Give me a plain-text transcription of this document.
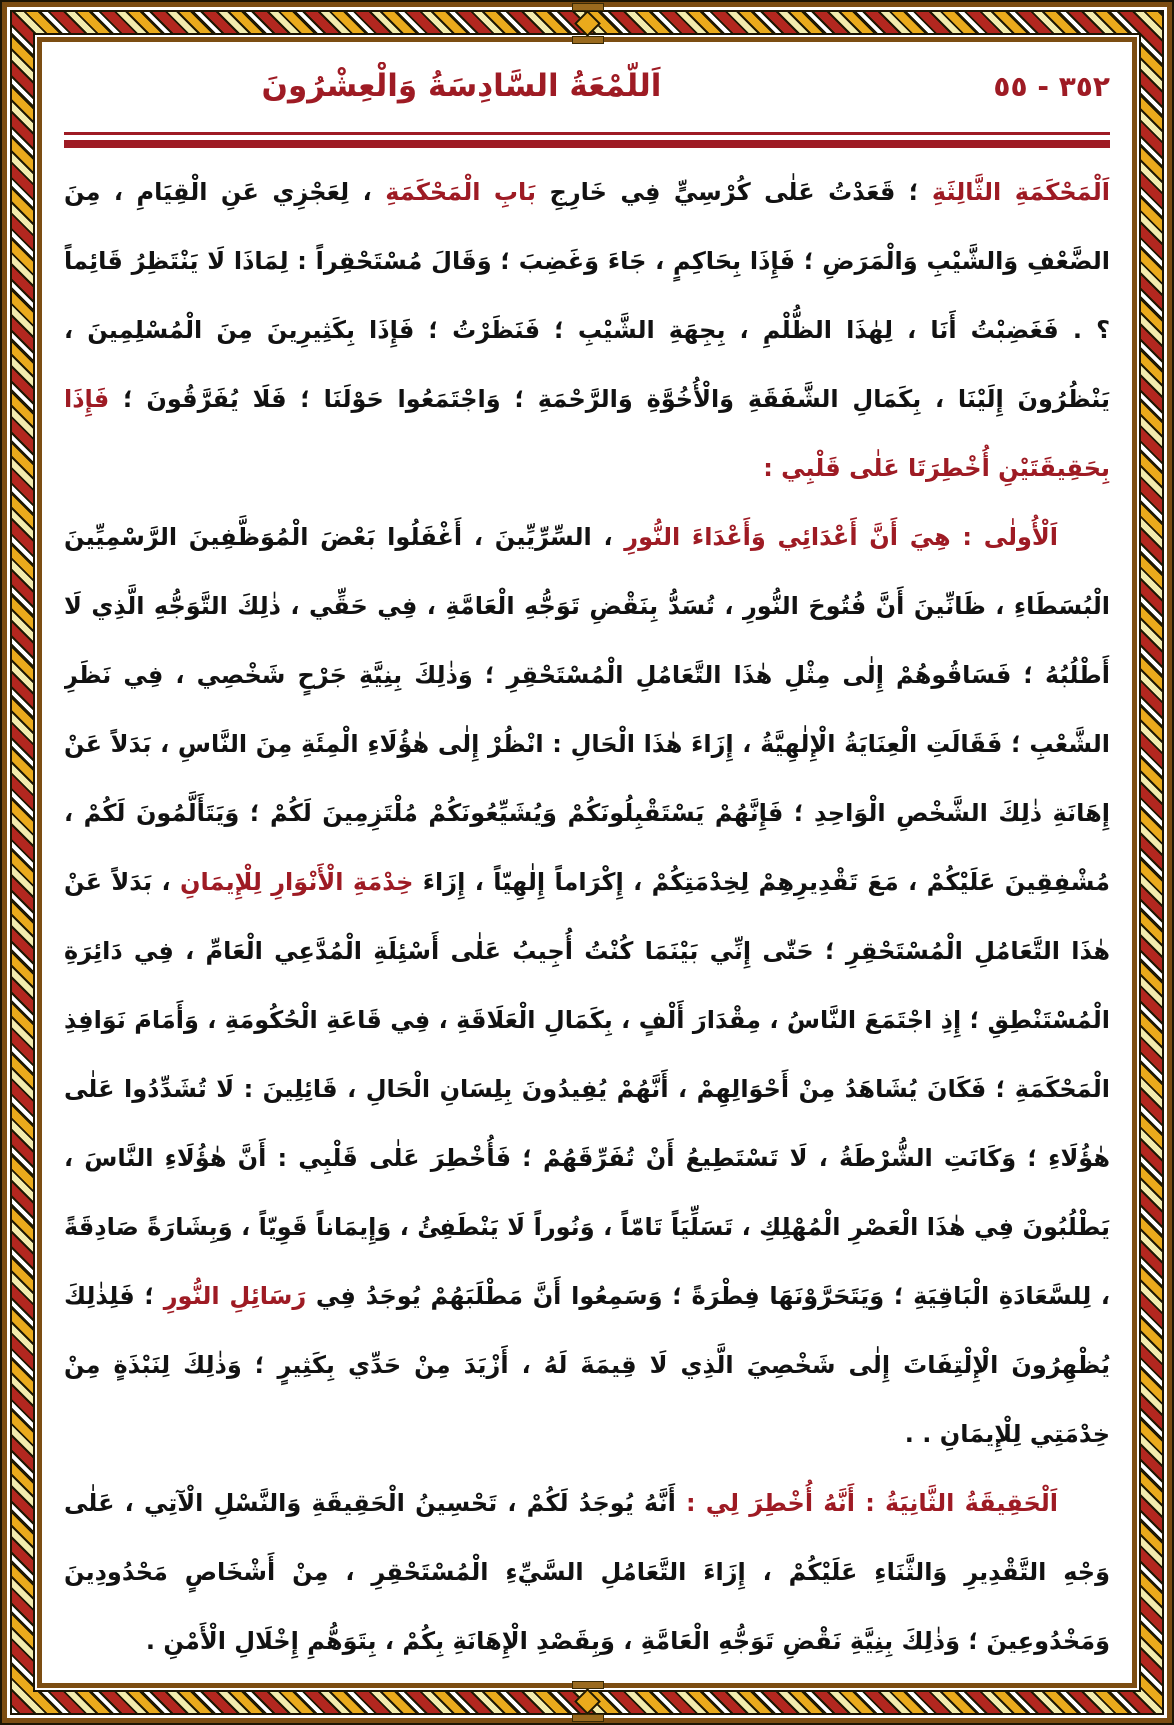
اَللَّمْعَةُ السَّادِسَةُ وَالْعِشْرُونَ	٣٥٢ - ٥٥

اَلْمَحْكَمَةِ الثَّالِثَةِ ؛ قَعَدْتُ عَلٰى كُرْسِيٍّ فِي خَارِجِ بَابِ الْمَحْكَمَةِ ، لِعَجْزِي عَنِ الْقِيَامِ ، مِنَ الضَّعْفِ وَالشَّيْبِ وَالْمَرَضِ ؛ فَإِذَا بِحَاكِمٍ ، جَاءَ وَغَضِبَ ؛ وَقَالَ مُسْتَحْقِراً : لِمَاذَا لَا يَنْتَظِرُ قَائِماً ؟ . فَغَضِبْتُ أَنَا ، لِهٰذَا الظُّلْمِ ، بِجِهَةِ الشَّيْبِ ؛ فَنَظَرْتُ ؛ فَإِذَا بِكَثِيرِينَ مِنَ الْمُسْلِمِينَ ، يَنْظُرُونَ إِلَيْنَا ، بِكَمَالِ الشَّفَقَةِ وَالْأُخُوَّةِ وَالرَّحْمَةِ ؛ وَاجْتَمَعُوا حَوْلَنَا ؛ فَلَا يُفَرَّقُونَ ؛ فَإِذَا بِحَقِيقَتَيْنِ أُخْطِرَتَا عَلٰى قَلْبِي :

اَلْأُولٰى : هِيَ أَنَّ أَعْدَائِي وَأَعْدَاءَ النُّورِ ، السِّرِّيِّينَ ، أَغْفَلُوا بَعْضَ الْمُوَظَّفِينَ الرَّسْمِيِّينَ الْبُسَطَاءِ ، ظَانِّينَ أَنَّ فُتُوحَ النُّورِ ، تُسَدُّ بِنَقْضِ تَوَجُّهِ الْعَامَّةِ ، فِي حَقِّي ، ذٰلِكَ التَّوَجُّهِ الَّذِي لَا أَطْلُبُهُ ؛ فَسَاقُوهُمْ إِلٰى مِثْلِ هٰذَا التَّعَامُلِ الْمُسْتَحْقِرِ ؛ وَذٰلِكَ بِنِيَّةِ جَرْحٍ شَخْصِي ، فِي نَظَرِ الشَّعْبِ ؛ فَقَالَتِ الْعِنَايَةُ الْإِلٰهِيَّةُ ، إِزَاءَ هٰذَا الْحَالِ : انْظُرْ إِلٰى هٰؤُلَاءِ الْمِئَةِ مِنَ النَّاسِ ، بَدَلاً عَنْ إِهَانَةِ ذٰلِكَ الشَّخْصِ الْوَاحِدِ ؛ فَإِنَّهُمْ يَسْتَقْبِلُونَكُمْ وَيُشَيِّعُونَكُمْ مُلْتَزِمِينَ لَكُمْ ؛ وَيَتَأَلَّمُونَ لَكُمْ ، مُشْفِقِينَ عَلَيْكُمْ ، مَعَ تَقْدِيرِهِمْ لِخِدْمَتِكُمْ ، إِكْرَاماً إِلٰهِيّاً ، إِزَاءَ خِدْمَةِ الْأَنْوَارِ لِلْإِيمَانِ ، بَدَلاً عَنْ هٰذَا التَّعَامُلِ الْمُسْتَحْقِرِ ؛ حَتّٰى إِنِّي بَيْنَمَا كُنْتُ أُجِيبُ عَلٰى أَسْئِلَةِ الْمُدَّعِي الْعَامِّ ، فِي دَائِرَةِ الْمُسْتَنْطِقِ ؛ إِذِ اجْتَمَعَ النَّاسُ ، مِقْدَارَ أَلْفٍ ، بِكَمَالِ الْعَلَاقَةِ ، فِي قَاعَةِ الْحُكُومَةِ ، وَأَمَامَ نَوَافِذِ الْمَحْكَمَةِ ؛ فَكَانَ يُشَاهَدُ مِنْ أَحْوَالِهِمْ ، أَنَّهُمْ يُفِيدُونَ بِلِسَانِ الْحَالِ ، قَائِلِينَ : لَا تُشَدِّدُوا عَلٰى هٰؤُلَاءِ ؛ وَكَانَتِ الشُّرْطَةُ ، لَا تَسْتَطِيعُ أَنْ تُفَرِّقَهُمْ ؛ فَأُخْطِرَ عَلٰى قَلْبِي : أَنَّ هٰؤُلَاءِ النَّاسَ ، يَطْلُبُونَ فِي هٰذَا الْعَصْرِ الْمُهْلِكِ ، تَسَلِّيَاً تَامّاً ، وَنُوراً لَا يَنْطَفِئُ ، وَإِيمَاناً قَوِيّاً ، وَبِشَارَةً صَادِقَةً ، لِلسَّعَادَةِ الْبَاقِيَةِ ؛ وَيَتَحَرَّوْنَهَا فِطْرَةً ؛ وَسَمِعُوا أَنَّ مَطْلَبَهُمْ يُوجَدُ فِي رَسَائِلِ النُّورِ ؛ فَلِذٰلِكَ يُظْهِرُونَ الْإِلْتِفَاتَ إِلٰى شَخْصِيَ الَّذِي لَا قِيمَةَ لَهُ ، أَزْيَدَ مِنْ حَدِّي بِكَثِيرٍ ؛ وَذٰلِكَ لِنَبْذَةٍ مِنْ خِدْمَتِي لِلْإِيمَانِ . .

اَلْحَقِيقَةُ الثَّانِيَةُ : أَنَّهُ أُخْطِرَ لِي : أَنَّهُ يُوجَدُ لَكُمْ ، تَحْسِينُ الْحَقِيقَةِ وَالنَّسْلِ الْآتِي ، عَلٰى وَجْهِ التَّقْدِيرِ وَالثَّنَاءِ عَلَيْكُمْ ، إِزَاءَ التَّعَامُلِ السَّيِّءِ الْمُسْتَحْقِرِ ، مِنْ أَشْخَاصٍ مَحْدُودِينَ وَمَخْدُوعِينَ ؛ وَذٰلِكَ بِنِيَّةِ نَقْضِ تَوَجُّهِ الْعَامَّةِ ، وَبِقَصْدِ الْإِهَانَةِ بِكُمْ ، بِتَوَهُّمِ إِخْلَالِ الْأَمْنِ .
